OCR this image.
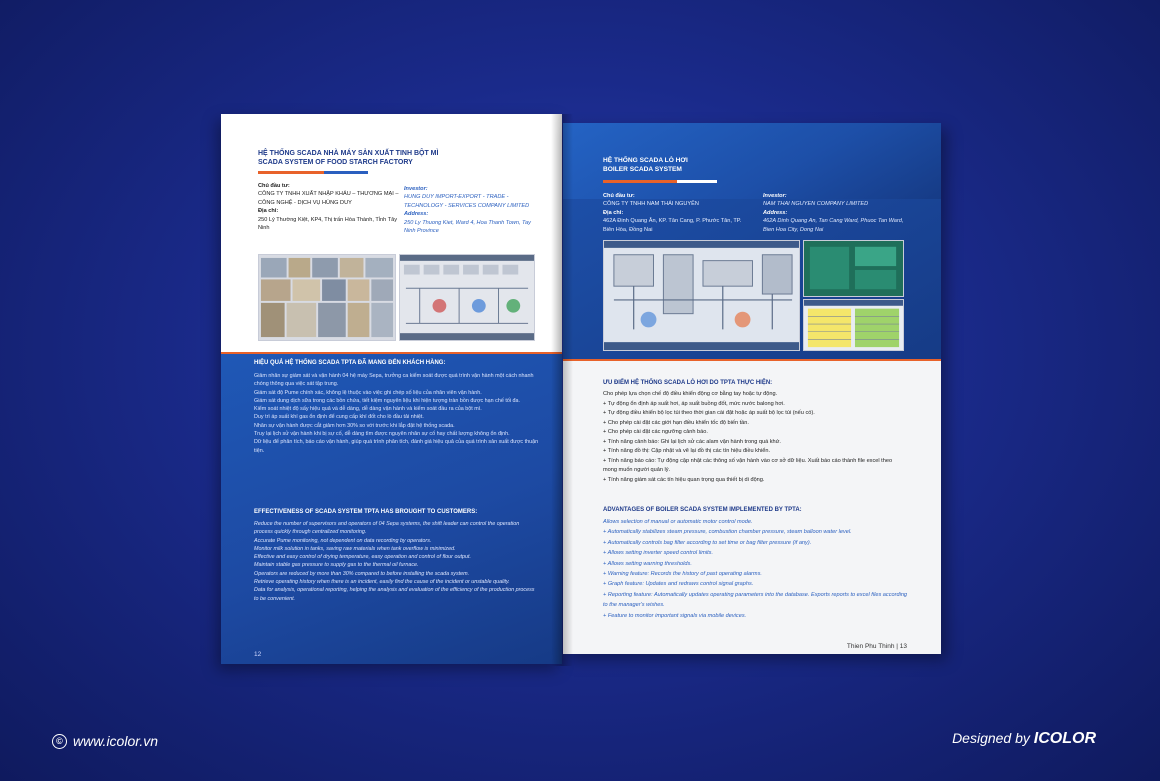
HỆ THỐNG SCADA NHÀ MÁY SẢN XUẤT TINH BỘT MÌ
SCADA SYSTEM OF FOOD STARCH FACTORY
Chủ đầu tư:
CÔNG TY TNHH XUẤT NHẬP KHẨU – THƯƠNG MẠI – CÔNG NGHỆ - DỊCH VỤ HÙNG DUY
Địa chỉ:
250 Lý Thường Kiệt, KP4, Thị trấn Hòa Thành, Tỉnh Tây Ninh
Investor:
HUNG DUY IMPORT-EXPORT - TRADE - TECHNOLOGY - SERVICES COMPANY LIMITED
Address:
250 Ly Thuong Kiet, Ward 4, Hoa Thanh Town, Tay Ninh Province
HIỆU QUẢ HỆ THỐNG SCADA TPTA ĐÃ MANG ĐẾN KHÁCH HÀNG:
Giảm nhân sự giám sát và vận hành 04 hệ máy Sepa, trưởng ca kiểm soát được quá trình vận hành một cách nhanh chóng thông qua việc sát tập trung.
Giám sát độ Pume chính xác, không lệ thuộc vào việc ghi chép số liệu của nhân viên vận hành.
Giám sát dung dịch sữa trong các bồn chứa, tiết kiệm nguyên liệu khi hiện tượng tràn bồn được hạn chế tối đa.
Kiểm soát nhiệt độ sấy hiệu quả và dễ dàng, dễ dàng vận hành và kiểm soát đầu ra của bột mì.
Duy trì áp suất khí gas ổn định để cung cấp khí đốt cho lò đầu tải nhiệt.
Nhân sự vận hành được cắt giảm hơn 30% so với trước khi lắp đặt hệ thống scada.
Truy lại lịch sử vận hành khi bị sự cố, dễ dàng tìm được nguyên nhân sự cố hay chất lượng không ổn định.
Dữ liệu để phân tích, báo cáo vận hành, giúp quá trình phân tích, đánh giá hiệu quả của quá trình sản xuất được thuận tiện.
EFFECTIVENESS OF SCADA SYSTEM TPTA HAS BROUGHT TO CUSTOMERS:
Reduce the number of supervisors and operators of 04 Sepa systems, the shift leader can control the operation process quickly through centralized monitoring.
Accurate Pume monitoring, not dependent on data recording by operators.
Monitor milk solution in tanks, saving raw materials when tank overflow is minimized.
Effective and easy control of drying temperature, easy operation and control of flour output.
Maintain stable gas pressure to supply gas to the thermal oil furnace.
Operators are reduced by more than 30% compared to before installing the scada system.
Retrieve operating history when there is an incident, easily find the cause of the incident or unstable quality.
Data for analysis, operational reporting, helping the analysis and evaluation of the efficiency of the production process to be convenient.
12
HỆ THỐNG SCADA LÒ HƠI
BOILER SCADA SYSTEM
Chủ đầu tư:
CÔNG TY TNHH NAM THÁI NGUYÊN
Địa chỉ:
462A Đinh Quang Ân, KP. Tân Cang, P. Phước Tân, TP. Biên Hòa, Đồng Nai
Investor:
NAM THAI NGUYEN COMPANY LIMITED
Address:
462A Dinh Quang An, Tan Cang Ward, Phuoc Tan Ward, Bien Hoa City, Dong Nai
ƯU ĐIỂM HỆ THỐNG SCADA LÒ HƠI DO TPTA THỰC HIỆN:
Cho phép lựa chọn chế độ điều khiển động cơ bằng tay hoặc tự động.
+ Tự động ổn định áp suất hơi, áp suất buồng đốt, mức nước balong hơi.
+ Tự động điều khiển bộ lọc túi theo thời gian cài đặt hoặc áp suất bộ lọc túi (nếu có).
+ Cho phép cài đặt các giới hạn điều khiển tốc độ biến tần.
+ Cho phép cài đặt các ngưỡng cảnh báo.
+ Tính năng cảnh báo: Ghi lại lịch sử các alam vận hành trong quá khứ.
+ Tính năng đồ thị: Cập nhật và vẽ lại đồ thị các tín hiệu điều khiển.
+ Tính năng báo cáo: Tự động cập nhật các thông số vận hành vào cơ sở dữ liệu. Xuất báo cáo thành file excel theo mong muốn người quản lý.
+ Tính năng giám sát các tín hiệu quan trọng qua thiết bị di động.
ADVANTAGES OF BOILER SCADA SYSTEM IMPLEMENTED BY TPTA:
Allows selection of manual or automatic motor control mode.
+ Automatically stabilizes steam pressure, combustion chamber pressure, steam balloon water level.
+ Automatically controls bag filter according to set time or bag filter pressure (if any).
+ Allows setting inverter speed control limits.
+ Allows setting warning thresholds.
+ Warning feature: Records the history of past operating alarms.
+ Graph feature: Updates and redraws control signal graphs.
+ Reporting feature: Automatically updates operating parameters into the database. Exports reports to excel files according to the manager's wishes.
+ Feature to monitor important signals via mobile devices.
Thien Phu Thinh | 13
© www.icolor.vn	Designed by ICOLOR
